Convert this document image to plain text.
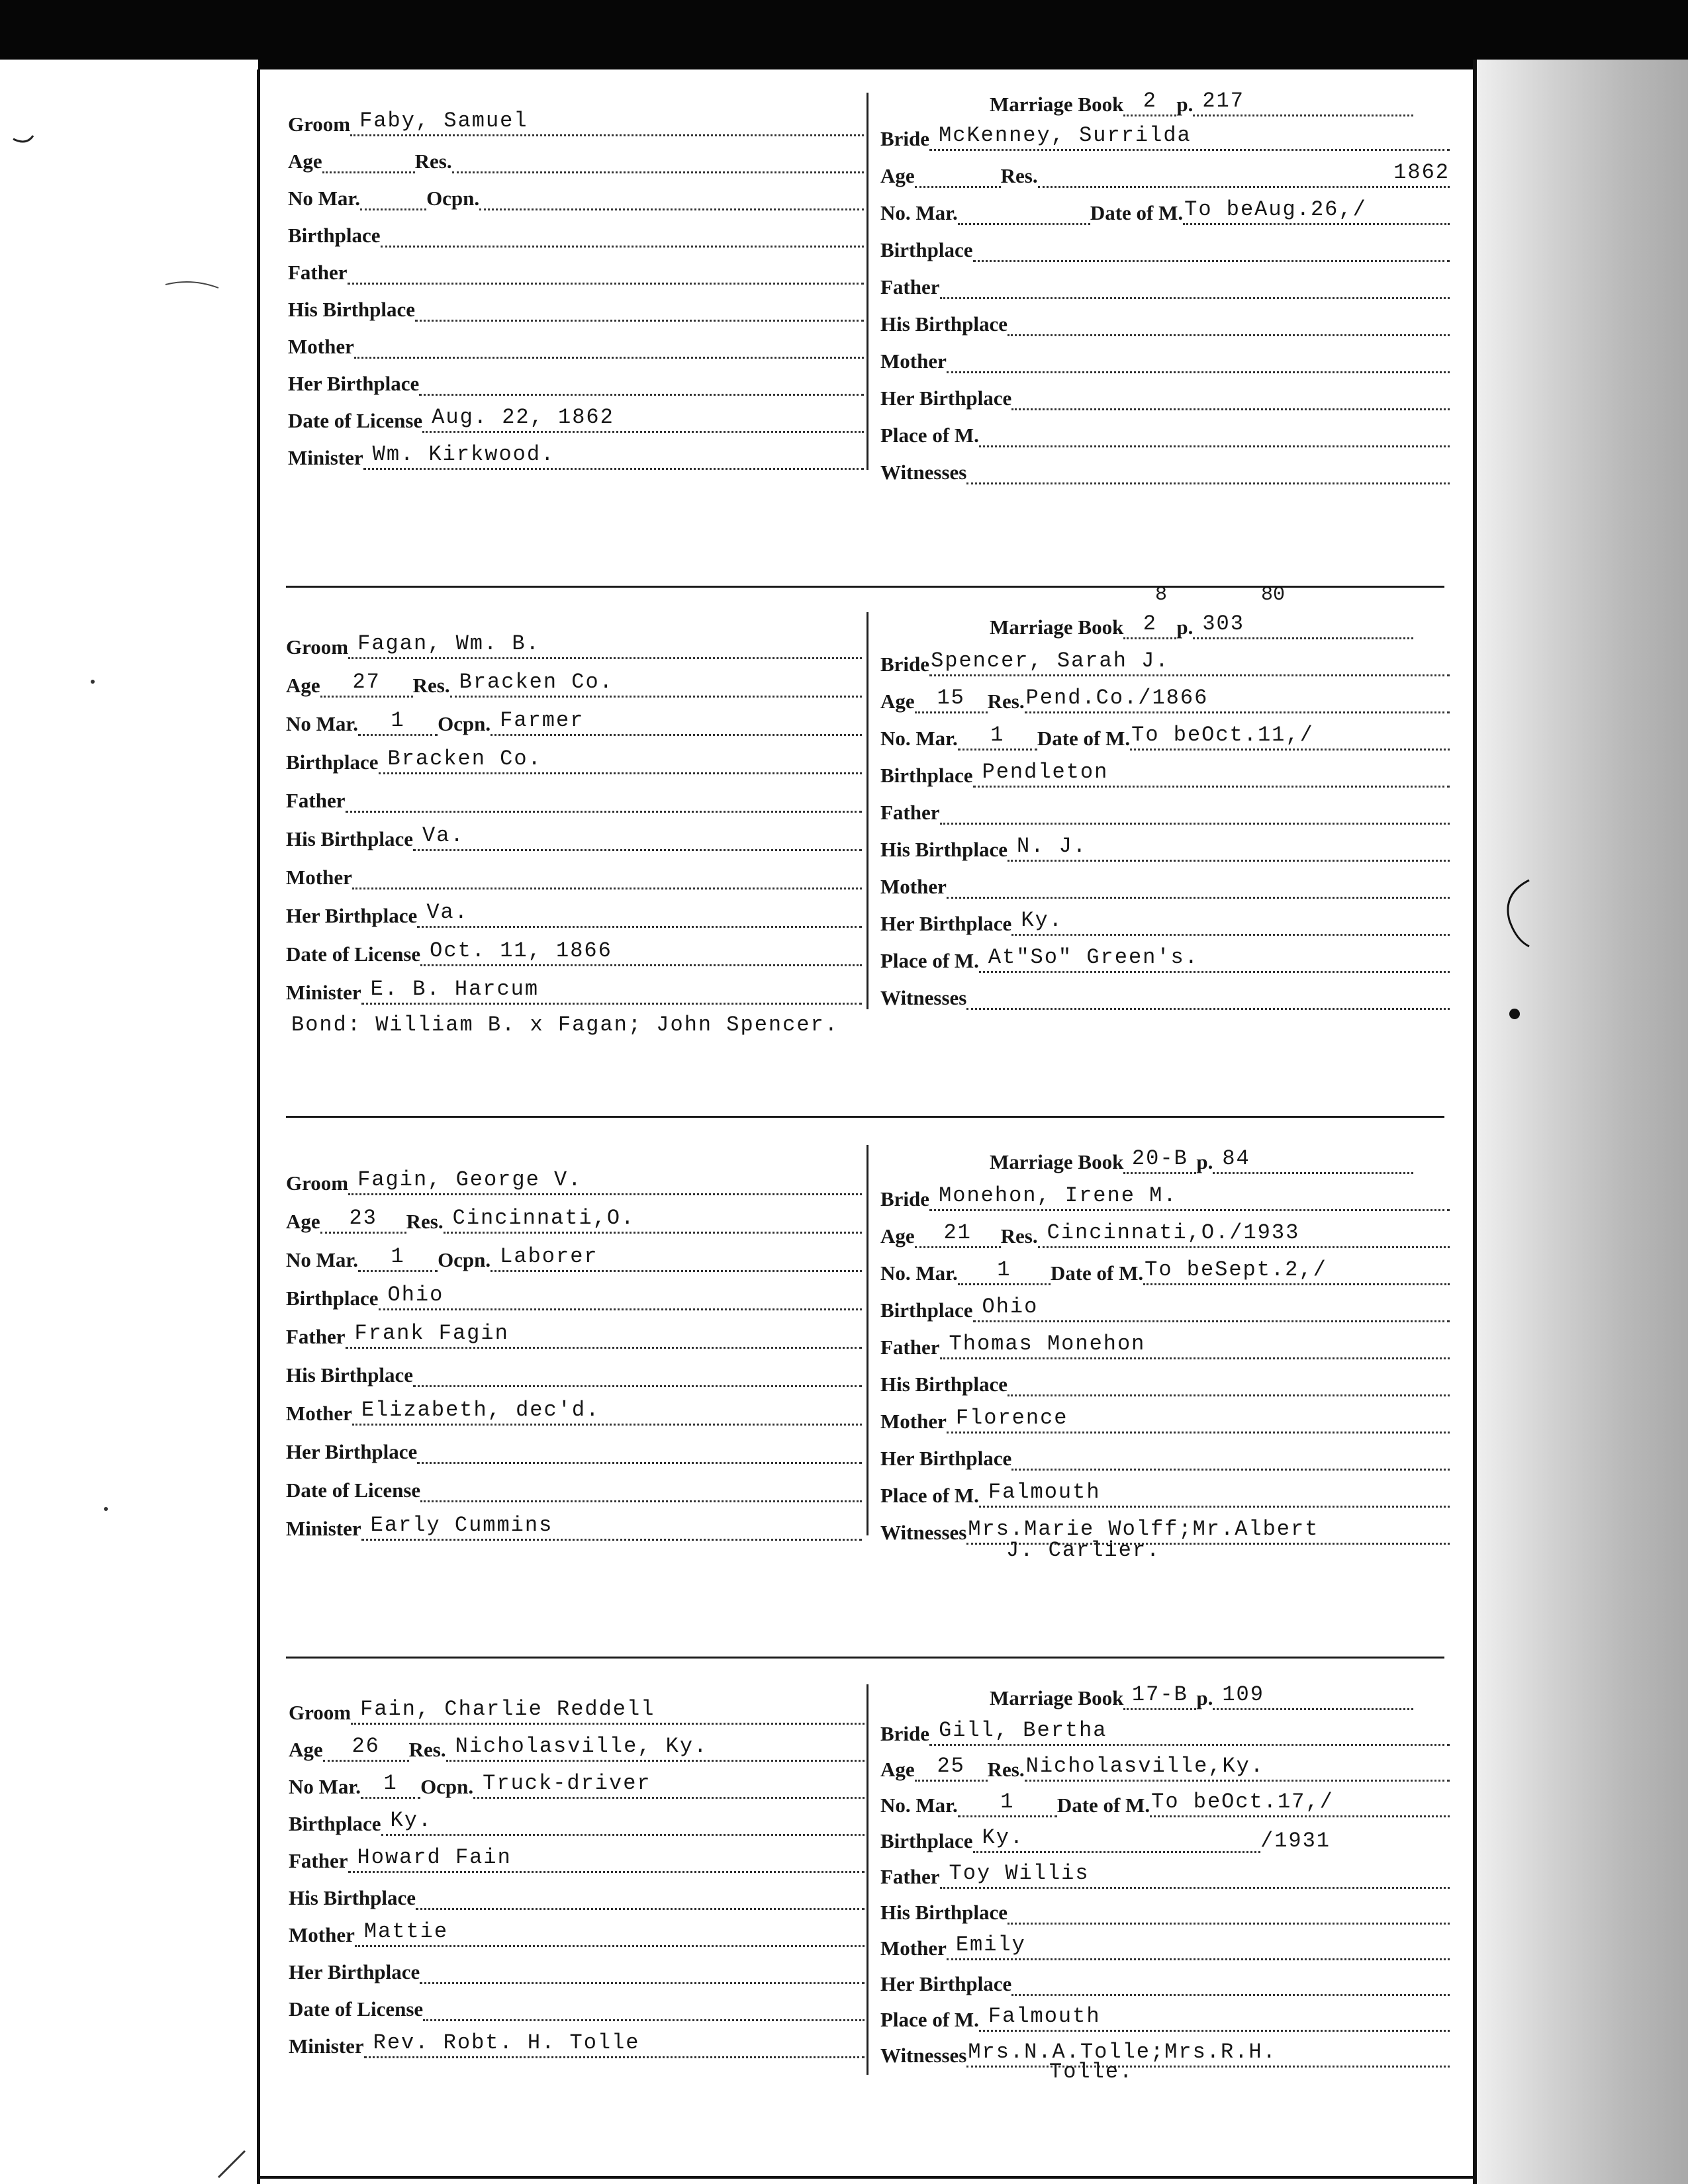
Groom Faby, Samuel
Age	Res.
No Mar.	Ocpn.
Birthplace
Father
His Birthplace
Mother
Her Birthplace
Date of License Aug. 22, 1862
Minister Wm. Kirkwood.
Marriage Book 2 p. 217
Bride McKenney, Surrilda
Age	Res.	1862
No. Mar.	Date of M. To beAug.26,/
Birthplace
Father
His Birthplace
Mother
Her Birthplace
Place of M.
Witnesses
Groom Fagan, Wm. B.
Age	27	Res. Bracken Co.
No Mar.	1	Ocpn. Farmer
Birthplace Bracken Co.
Father
His Birthplace Va.
Mother
Her Birthplace Va.
Date of License Oct. 11, 1866
Minister E. B. Harcum
Bond: William B. x Fagan; John Spencer.
8	80
Marriage Book 2 p. 303
Bride Spencer, Sarah J.
Age	15	Res. Pend.Co./1866
No. Mar.	1	Date of M. To beOct.11,/
Birthplace Pendleton
Father
His Birthplace N. J.
Mother
Her Birthplace Ky.
Place of M. At"So" Green's.
Witnesses
Groom Fagin, George V.
Age	23	Res. Cincinnati,O.
No Mar.	1	Ocpn. Laborer
Birthplace Ohio
Father Frank Fagin
His Birthplace
Mother Elizabeth, dec'd.
Her Birthplace
Date of License
Minister Early Cummins
Marriage Book 20-B p. 84
Bride Monehon, Irene M.
Age	21	Res. Cincinnati,O./1933
No. Mar.	1	Date of M. To beSept.2,/
Birthplace Ohio
Father Thomas Monehon
His Birthplace
Mother Florence
Her Birthplace
Place of M. Falmouth
Witnesses Mrs.Marie Wolff;Mr.Albert
J. Carlier.
Groom Fain, Charlie Reddell
Age	26	Res. Nicholasville, Ky.
No Mar.	1	Ocpn. Truck-driver
Birthplace Ky.
Father Howard Fain
His Birthplace
Mother Mattie
Her Birthplace
Date of License
Minister Rev. Robt. H. Tolle
Marriage Book 17-B p. 109
Bride Gill, Bertha
Age	25	Res. Nicholasville,Ky.
No. Mar.	1	Date of M. To beOct.17,/
Birthplace Ky.	/1931
Father Toy Willis
His Birthplace
Mother Emily
Her Birthplace
Place of M. Falmouth
Witnesses Mrs.N.A.Tolle;Mrs.R.H.
Tolle.
